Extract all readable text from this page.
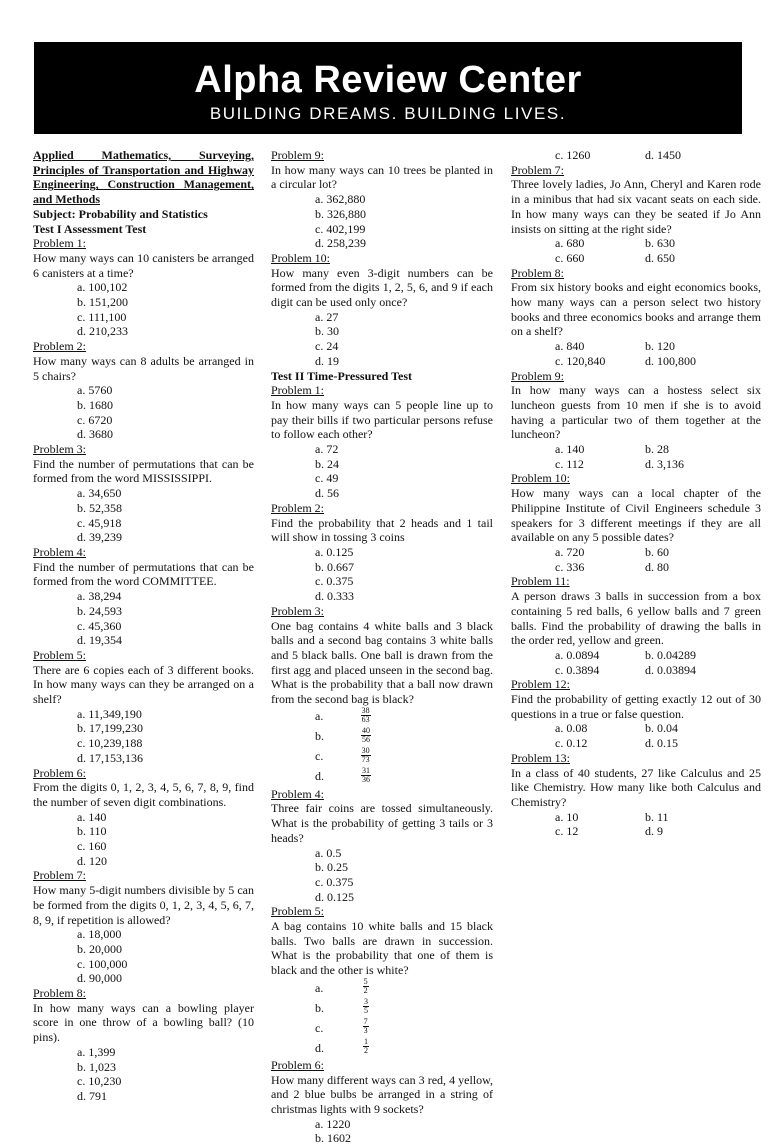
Alpha Review Center
BUILDING DREAMS. BUILDING LIVES.
Applied Mathematics, Surveying, Principles of Transportation and Highway Engineering, Construction Management, and Methods
Subject: Probability and Statistics
Test I Assessment Test
Problem 1:

How many ways can 10 canisters be arranged 6 canisters at a time?

a. 100,102
b. 151,200
c. 111,100
d. 210,233
Problem 2:

How many ways can 8 adults be arranged in 5 chairs?

a. 5760
b. 1680
c. 6720
d. 3680
Problem 3:

Find the number of permutations that can be formed from the word MISSISSIPPI.

a. 34,650
b. 52,358
c. 45,918
d. 39,239
Problem 4:

Find the number of permutations that can be formed from the word COMMITTEE.

a. 38,294
b. 24,593
c. 45,360
d. 19,354
Problem 5:

There are 6 copies each of 3 different books. In how many ways can they be arranged on a shelf?

a. 11,349,190
b. 17,199,230
c. 10,239,188
d. 17,153,136
Problem 6:

From the digits 0, 1, 2, 3, 4, 5, 6, 7, 8, 9, find the number of seven digit combinations.

a. 140
b. 110
c. 160
d. 120
Problem 7:

How many 5-digit numbers divisible by 5 can be formed from the digits 0, 1, 2, 3, 4, 5, 6, 7, 8, 9, if repetition is allowed?

a. 18,000
b. 20,000
c. 100,000
d. 90,000
Problem 8:

In how many ways can a bowling player score in one throw of a bowling ball? (10 pins).

a. 1,399
b. 1,023
c. 10,230
d. 791
Problem 9:

In how many ways can 10 trees be planted in a circular lot?

a. 362,880
b. 326,880
c. 402,199
d. 258,239
Problem 10:

How many even 3-digit numbers can be formed from the digits 1, 2, 5, 6, and 9 if each digit can be used only once?

a. 27
b. 30
c. 24
d. 19
Test II Time-Pressured Test
Problem 1:

In how many ways can 5 people line up to pay their bills if two particular persons refuse to follow each other?

a. 72
b. 24
c. 49
d. 56
Problem 2:

Find the probability that 2 heads and 1 tail will show in tossing 3 coins

a. 0.125
b. 0.667
c. 0.375
d. 0.333
Problem 3:

One bag contains 4 white balls and 3 black balls and a second bag contains 3 white balls and 5 black balls. One ball is drawn from the first agg and placed unseen in the second bag. What is the probability that a ball now drawn from the second bag is black?

a. $\frac{38}{63}$
b. $\frac{40}{56}$
c. $\frac{30}{73}$
d. $\frac{31}{36}$
Problem 4:

Three fair coins are tossed simultaneously. What is the probability of getting 3 tails or 3 heads?

a. 0.5
b. 0.25
c. 0.375
d. 0.125
Problem 5:

A bag contains 10 white balls and 15 black balls. Two balls are drawn in succession. What is the probability that one of them is black and the other is white?

a. $\frac{5}{2}$
b. $\frac{3}{5}$
c. $\frac{7}{3}$
d. $\frac{1}{2}$
Problem 6:

How many different ways can 3 red, 4 yellow, and 2 blue bulbs be arranged in a string of christmas lights with 9 sockets?

a. 1220
b. 1602
c. 1260	d. 1450
Problem 7:

Three lovely ladies, Jo Ann, Cheryl and Karen rode in a minibus that had six vacant seats on each side. In how many ways can they be seated if Jo Ann insists on sitting at the right side?

a. 680	b. 630
c. 660	d. 650
Problem 8:

From six history books and eight economics books, how many ways can a person select two history books and three economics books and arrange them on a shelf?

a. 840	b. 120
c. 120,840	d. 100,800
Problem 9:

In how many ways can a hostess select six luncheon guests from 10 men if she is to avoid having a particular two of them together at the luncheon?

a. 140	b. 28
c. 112	d. 3,136
Problem 10:

How many ways can a local chapter of the Philippine Institute of Civil Engineers schedule 3 speakers for 3 different meetings if they are all available on any 5 possible dates?

a. 720	b. 60
c. 336	d. 80
Problem 11:

A person draws 3 balls in succession from a box containing 5 red balls, 6 yellow balls and 7 green balls. Find the probability of drawing the balls in the order red, yellow and green.

a. 0.0894	b. 0.04289
c. 0.3894	d. 0.03894
Problem 12:

Find the probability of getting exactly 12 out of 30 questions in a true or false question.

a. 0.08	b. 0.04
c. 0.12	d. 0.15
Problem 13:

In a class of 40 students, 27 like Calculus and 25 like Chemistry. How many like both Calculus and Chemistry?

a. 10	b. 11
c. 12	d. 9
